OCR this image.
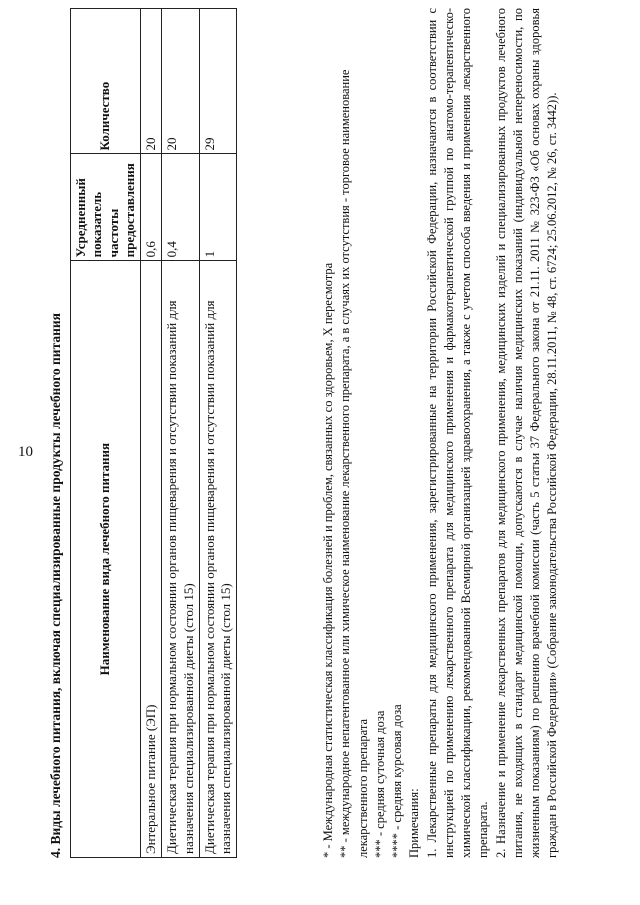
10 4. Виды лечебного питания, включая специализированные продукты лечебного питания	Наименование вида лечебного питания	Усредненный показатель частоты предоставления	Количество
Энтеральное питание (ЭП)	0,6	20
Диетическая терапия при нормальном состоянии органов пищеварения и отсутствии показаний для назначения специализированной диеты (стол 15)	0,4	20
Диетическая терапия при нормальном состоянии органов пищеварения и отсутствии показаний для назначения специализированной диеты (стол 15)	1	29

* - Международная статистическая классификация болезней и проблем, связанных со здоровьем, X пересмотра ** - международное непатентованное или химическое наименование лекарственного препарата, а в случаях их отсутствия - торговое наименование лекарственного препарата *** - средняя суточная доза **** - средняя курсовая доза Примечания: 1. Лекарственные препараты для медицинского применения, зарегистрированные на территории Российской Федерации, назначаются в соответствии с инструкцией по применению лекарственного препарата для медицинского применения и фармакотерапевтической группой по анатомо-терапевтическо-химической классификации, рекомендованной Всемирной организацией здравоохранения, а также с учетом способа введения и применения лекарственного препарата. 2. Назначение и применение лекарственных препаратов для медицинского применения, медицинских изделий и специализированных продуктов лечебного питания, не входящих в стандарт медицинской помощи, допускаются в случае наличия медицинских показаний (индивидуальной непереносимости, по жизненным показаниям) по решению врачебной комиссии (часть 5 статьи 37 Федерального закона от 21.11. 2011 № 323-ФЗ «Об основах охраны здоровья граждан в Российской Федерации» (Собрание законодательства Российской Федерации, 28.11.2011, № 48, ст. 6724; 25.06.2012, № 26, ст. 3442)).
